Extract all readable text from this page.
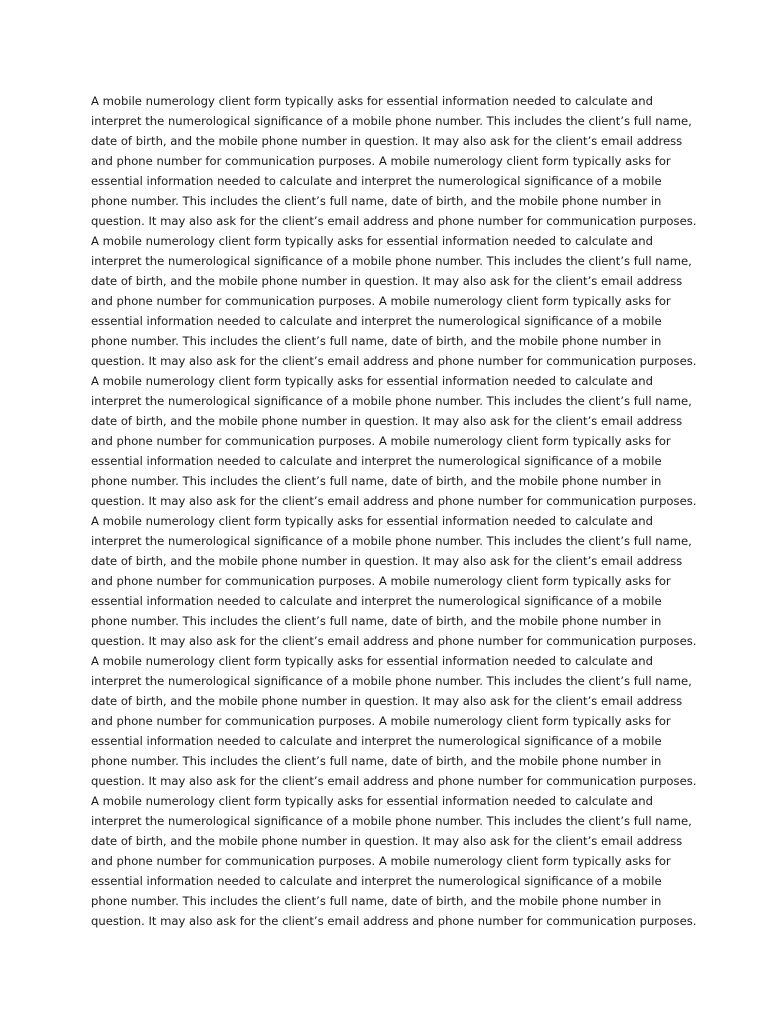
A mobile numerology client form typically asks for essential information needed to calculate and
interpret the numerological significance of a mobile phone number. This includes the client’s full name,
date of birth, and the mobile phone number in question. It may also ask for the client’s email address
and phone number for communication purposes. A mobile numerology client form typically asks for
essential information needed to calculate and interpret the numerological significance of a mobile
phone number. This includes the client’s full name, date of birth, and the mobile phone number in
question. It may also ask for the client’s email address and phone number for communication purposes.
A mobile numerology client form typically asks for essential information needed to calculate and
interpret the numerological significance of a mobile phone number. This includes the client’s full name,
date of birth, and the mobile phone number in question. It may also ask for the client’s email address
and phone number for communication purposes. A mobile numerology client form typically asks for
essential information needed to calculate and interpret the numerological significance of a mobile
phone number. This includes the client’s full name, date of birth, and the mobile phone number in
question. It may also ask for the client’s email address and phone number for communication purposes.
A mobile numerology client form typically asks for essential information needed to calculate and
interpret the numerological significance of a mobile phone number. This includes the client’s full name,
date of birth, and the mobile phone number in question. It may also ask for the client’s email address
and phone number for communication purposes. A mobile numerology client form typically asks for
essential information needed to calculate and interpret the numerological significance of a mobile
phone number. This includes the client’s full name, date of birth, and the mobile phone number in
question. It may also ask for the client’s email address and phone number for communication purposes.
A mobile numerology client form typically asks for essential information needed to calculate and
interpret the numerological significance of a mobile phone number. This includes the client’s full name,
date of birth, and the mobile phone number in question. It may also ask for the client’s email address
and phone number for communication purposes. A mobile numerology client form typically asks for
essential information needed to calculate and interpret the numerological significance of a mobile
phone number. This includes the client’s full name, date of birth, and the mobile phone number in
question. It may also ask for the client’s email address and phone number for communication purposes.
A mobile numerology client form typically asks for essential information needed to calculate and
interpret the numerological significance of a mobile phone number. This includes the client’s full name,
date of birth, and the mobile phone number in question. It may also ask for the client’s email address
and phone number for communication purposes. A mobile numerology client form typically asks for
essential information needed to calculate and interpret the numerological significance of a mobile
phone number. This includes the client’s full name, date of birth, and the mobile phone number in
question. It may also ask for the client’s email address and phone number for communication purposes.
A mobile numerology client form typically asks for essential information needed to calculate and
interpret the numerological significance of a mobile phone number. This includes the client’s full name,
date of birth, and the mobile phone number in question. It may also ask for the client’s email address
and phone number for communication purposes. A mobile numerology client form typically asks for
essential information needed to calculate and interpret the numerological significance of a mobile
phone number. This includes the client’s full name, date of birth, and the mobile phone number in
question. It may also ask for the client’s email address and phone number for communication purposes.
